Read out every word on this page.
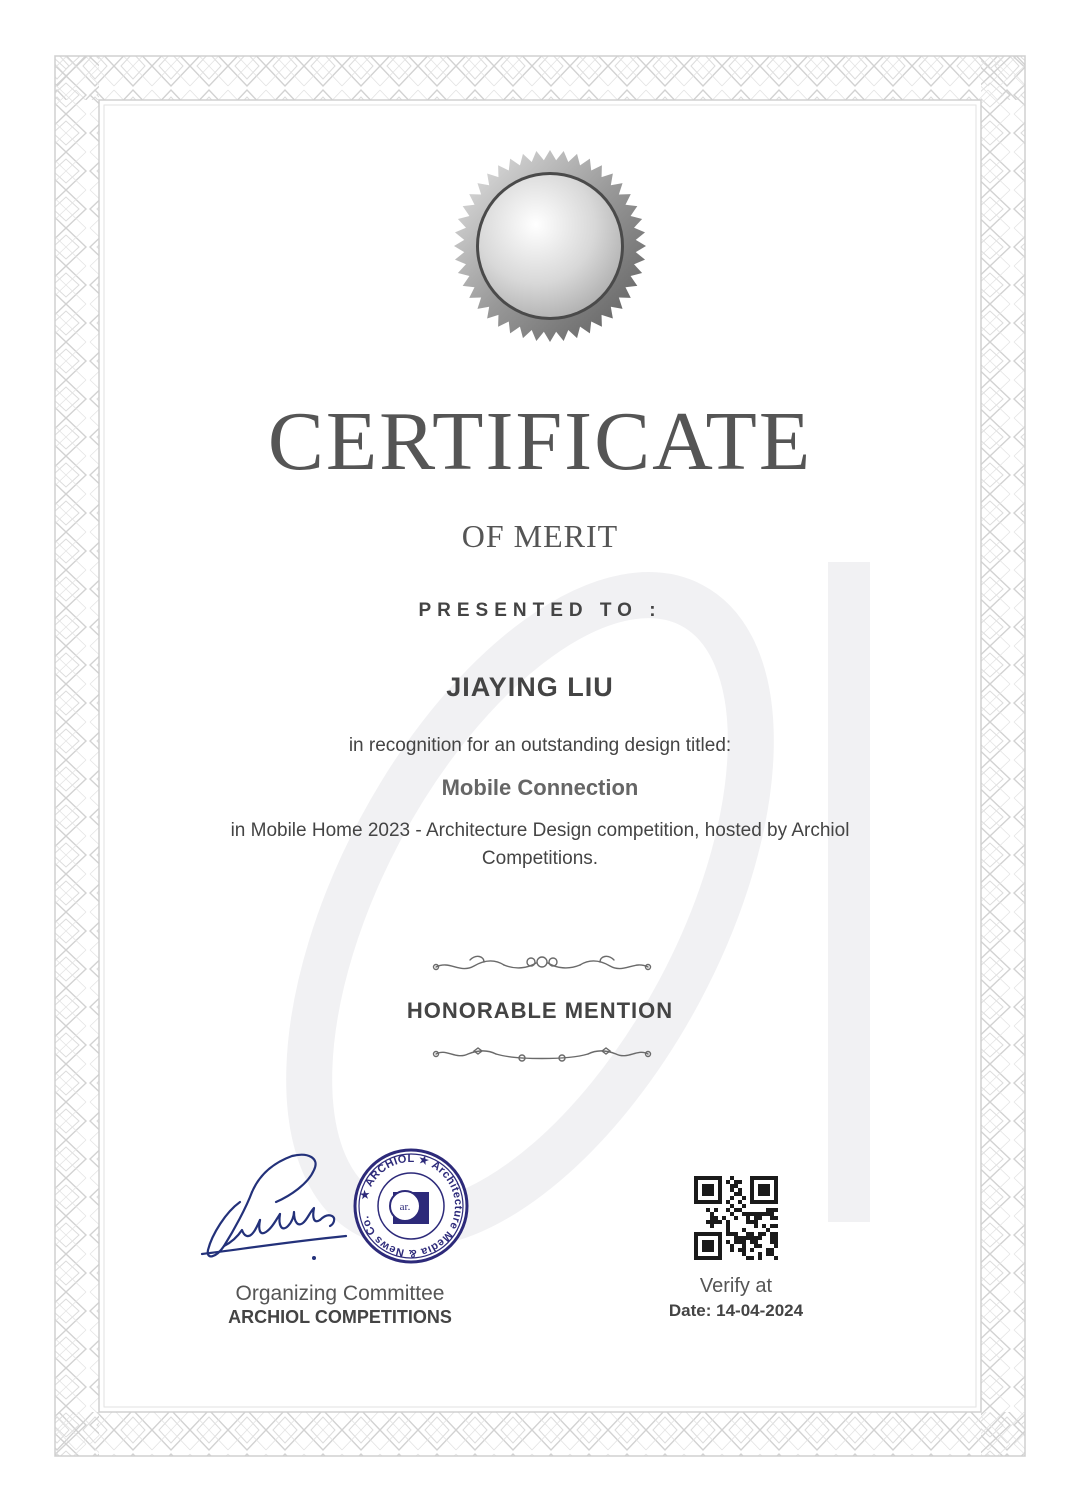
CERTIFICATE
OF MERIT
PRESENTED TO :
JIAYING LIU
in recognition for an outstanding design titled:
Mobile Connection
in Mobile Home 2023 - Architecture Design competition, hosted by Archiol Competitions.
HONORABLE MENTION
★ ARCHIOL ★ Architecture Media & News Co.
ar.
Organizing Committee
ARCHIOL COMPETITIONS
Verify at
Date: 14-04-2024
